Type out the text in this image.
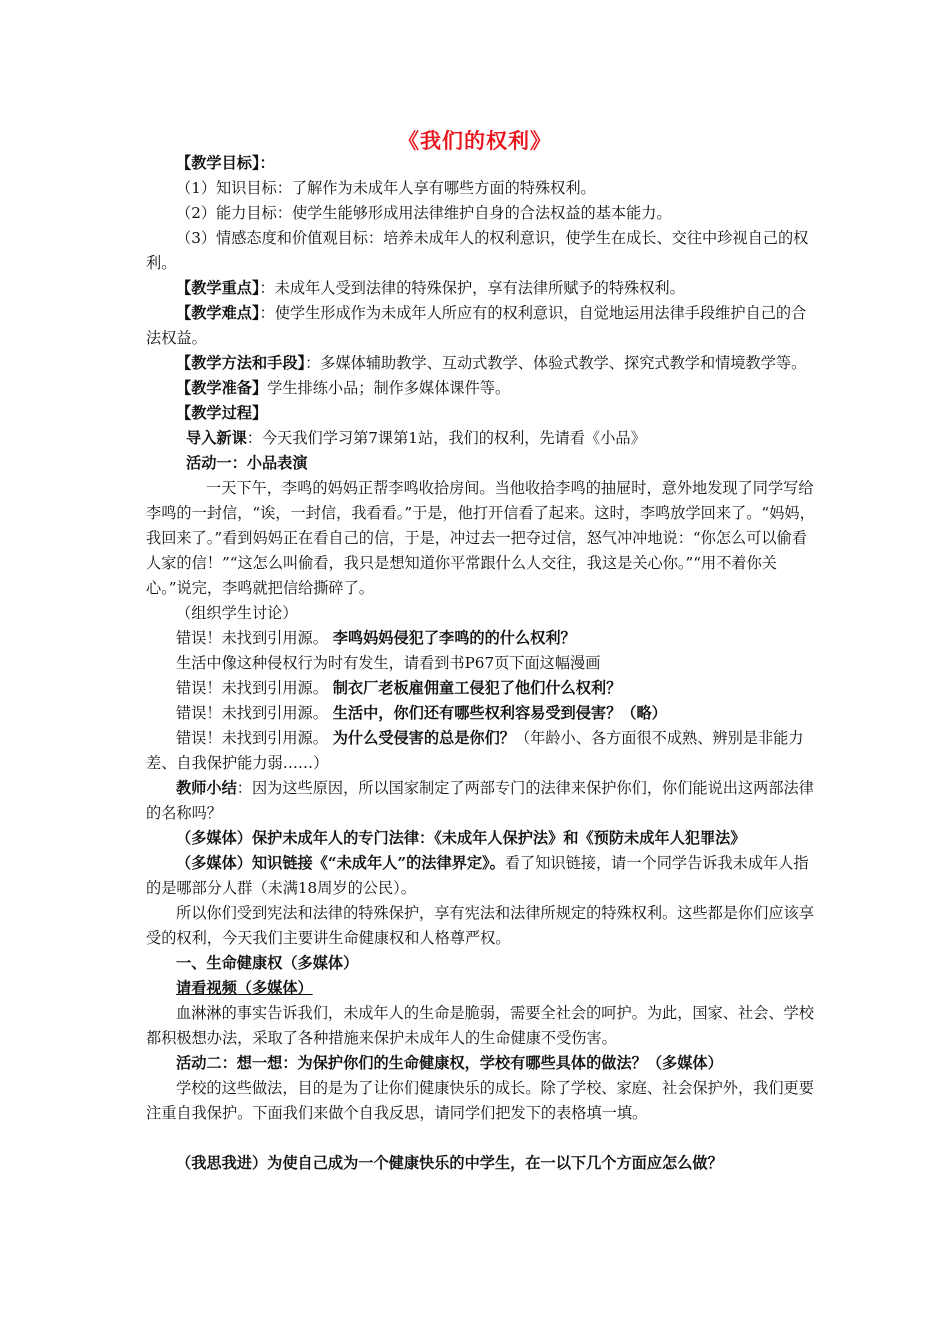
《我们的权利》

【教学目标】：

（1）知识目标：了解作为未成年人享有哪些方面的特殊权利。

（2）能力目标：使学生能够形成用法律维护自身的合法权益的基本能力。

（3）情感态度和价值观目标：培养未成年人的权利意识，使学生在成长、交往中珍视自己的权利。

【教学重点】：未成年人受到法律的特殊保护，享有法律所赋予的特殊权利。

【教学难点】：使学生形成作为未成年人所应有的权利意识，自觉地运用法律手段维护自己的合法权益。

【教学方法和手段】：多媒体辅助教学、互动式教学、体验式教学、探究式教学和情境教学等。

【教学准备】学生排练小品；制作多媒体课件等。

【教学过程】

导入新课：今天我们学习第7课第1站，我们的权利，先请看《小品》

活动一：小品表演

一天下午，李鸣的妈妈正帮李鸣收拾房间。当他收拾李鸣的抽屉时，意外地发现了同学写给李鸣的一封信，“诶，一封信，我看看。”于是，他打开信看了起来。这时，李鸣放学回来了。“妈妈，我回来了。”看到妈妈正在看自己的信，于是，冲过去一把夺过信，怒气冲冲地说：“你怎么可以偷看人家的信！”“这怎么叫偷看，我只是想知道你平常跟什么人交往，我这是关心你。”“用不着你关心。”说完，李鸣就把信给撕碎了。

（组织学生讨论）

错误！未找到引用源。 李鸣妈妈侵犯了李鸣的的什么权利？

生活中像这种侵权行为时有发生，请看到书P67页下面这幅漫画

错误！未找到引用源。 制衣厂老板雇佣童工侵犯了他们什么权利？

错误！未找到引用源。 生活中，你们还有哪些权利容易受到侵害？（略）

错误！未找到引用源。 为什么受侵害的总是你们？（年龄小、各方面很不成熟、辨别是非能力差、自我保护能力弱……）

教师小结：因为这些原因，所以国家制定了两部专门的法律来保护你们，你们能说出这两部法律的名称吗？

（多媒体）保护未成年人的专门法律：《未成年人保护法》和《预防未成年人犯罪法》

（多媒体）知识链接《“未成年人”的法律界定》。看了知识链接，请一个同学告诉我未成年人指的是哪部分人群（未满18周岁的公民）。

所以你们受到宪法和法律的特殊保护，享有宪法和法律所规定的特殊权利。这些都是你们应该享受的权利，今天我们主要讲生命健康权和人格尊严权。

一、生命健康权（多媒体）

请看视频（多媒体）

血淋淋的事实告诉我们，未成年人的生命是脆弱，需要全社会的呵护。为此，国家、社会、学校都积极想办法，采取了各种措施来保护未成年人的生命健康不受伤害。

活动二：想一想：为保护你们的生命健康权，学校有哪些具体的做法？（多媒体）

学校的这些做法，目的是为了让你们健康快乐的成长。除了学校、家庭、社会保护外，我们更要注重自我保护。下面我们来做个自我反思，请同学们把发下的表格填一填。

（我思我进）为使自己成为一个健康快乐的中学生，在一以下几个方面应怎么做？
